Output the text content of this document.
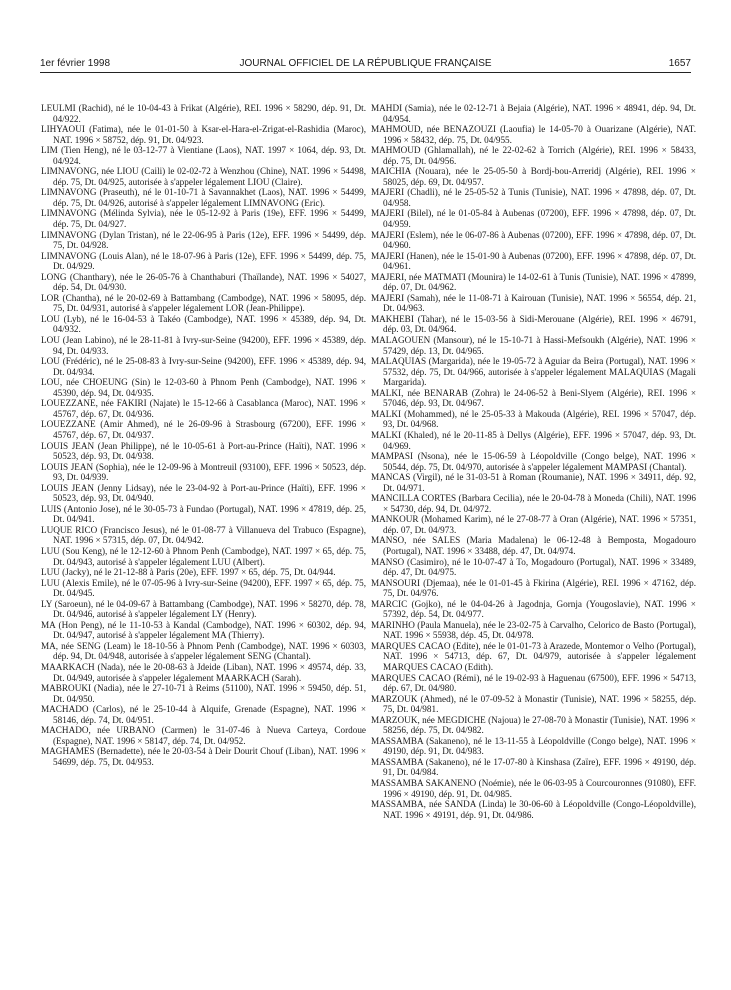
1er février 1998	JOURNAL OFFICIEL DE LA RÉPUBLIQUE FRANÇAISE	1657

LEULMI (Rachid), né le 10-04-43 à Frikat (Algérie), REI. 1996 × 58290, dép. 91, Dt. 04/922.

LIHYAOUI (Fatima), née le 01-01-50 à Ksar-el-Hara-el-Zrigat-el-Rashidia (Maroc), NAT. 1996 × 58752, dép. 91, Dt. 04/923.

LIM (Tien Heng), né le 03-12-77 à Vientiane (Laos), NAT. 1997 × 1064, dép. 93, Dt. 04/924.

LIMNAVONG, née LIOU (Caili) le 02-02-72 à Wenzhou (Chine), NAT. 1996 × 54498, dép. 75, Dt. 04/925, autorisée à s'appeler légalement LIOU (Claire).

LIMNAVONG (Praseuth), né le 01-10-71 à Savannakhet (Laos), NAT. 1996 × 54499, dép. 75, Dt. 04/926, autorisé à s'appeler légalement LIMNAVONG (Eric).

LIMNAVONG (Mélinda Sylvia), née le 05-12-92 à Paris (19e), EFF. 1996 × 54499, dép. 75, Dt. 04/927.

LIMNAVONG (Dylan Tristan), né le 22-06-95 à Paris (12e), EFF. 1996 × 54499, dép. 75, Dt. 04/928.

LIMNAVONG (Louis Alan), né le 18-07-96 à Paris (12e), EFF. 1996 × 54499, dép. 75, Dt. 04/929.

LONG (Chanthary), née le 26-05-76 à Chanthaburi (Thaïlande), NAT. 1996 × 54027, dép. 54, Dt. 04/930.

LOR (Chantha), né le 20-02-69 à Battambang (Cambodge), NAT. 1996 × 58095, dép. 75, Dt. 04/931, autorisé à s'appeler légalement LOR (Jean-Philippe).

LOU (Lyb), né le 16-04-53 à Takéo (Cambodge), NAT. 1996 × 45389, dép. 94, Dt. 04/932.

LOU (Jean Labino), né le 28-11-81 à Ivry-sur-Seine (94200), EFF. 1996 × 45389, dép. 94, Dt. 04/933.

LOU (Frédéric), né le 25-08-83 à Ivry-sur-Seine (94200), EFF. 1996 × 45389, dép. 94, Dt. 04/934.

LOU, née CHOEUNG (Sin) le 12-03-60 à Phnom Penh (Cambodge), NAT. 1996 × 45390, dép. 94, Dt. 04/935.

LOUEZZANE, née FAKIRI (Najate) le 15-12-66 à Casablanca (Maroc), NAT. 1996 × 45767, dép. 67, Dt. 04/936.

LOUEZZANE (Amir Ahmed), né le 26-09-96 à Strasbourg (67200), EFF. 1996 × 45767, dép. 67, Dt. 04/937.

LOUIS JEAN (Jean Philippe), né le 10-05-61 à Port-au-Prince (Haïti), NAT. 1996 × 50523, dép. 93, Dt. 04/938.

LOUIS JEAN (Sophia), née le 12-09-96 à Montreuil (93100), EFF. 1996 × 50523, dép. 93, Dt. 04/939.

LOUIS JEAN (Jenny Lidsay), née le 23-04-92 à Port-au-Prince (Haïti), EFF. 1996 × 50523, dép. 93, Dt. 04/940.

LUIS (Antonio Jose), né le 30-05-73 à Fundao (Portugal), NAT. 1996 × 47819, dép. 25, Dt. 04/941.

LUQUE RICO (Francisco Jesus), né le 01-08-77 à Villanueva del Trabuco (Espagne), NAT. 1996 × 57315, dép. 07, Dt. 04/942.

LUU (Sou Keng), né le 12-12-60 à Phnom Penh (Cambodge), NAT. 1997 × 65, dép. 75, Dt. 04/943, autorisé à s'appeler légalement LUU (Albert).

LUU (Jacky), né le 21-12-88 à Paris (20e), EFF. 1997 × 65, dép. 75, Dt. 04/944.

LUU (Alexis Emile), né le 07-05-96 à Ivry-sur-Seine (94200), EFF. 1997 × 65, dép. 75, Dt. 04/945.

LY (Saroeun), né le 04-09-67 à Battambang (Cambodge), NAT. 1996 × 58270, dép. 78, Dt. 04/946, autorisé à s'appeler légalement LY (Henry).

MA (Hon Peng), né le 11-10-53 à Kandal (Cambodge), NAT. 1996 × 60302, dép. 94, Dt. 04/947, autorisé à s'appeler légalement MA (Thierry).

MA, née SENG (Leam) le 18-10-56 à Phnom Penh (Cambodge), NAT. 1996 × 60303, dép. 94, Dt. 04/948, autorisée à s'appeler légalement SENG (Chantal).

MAARKACH (Nada), née le 20-08-63 à Jdeide (Liban), NAT. 1996 × 49574, dép. 33, Dt. 04/949, autorisée à s'appeler légalement MAARKACH (Sarah).

MABROUKI (Nadia), née le 27-10-71 à Reims (51100), NAT. 1996 × 59450, dép. 51, Dt. 04/950.

MACHADO (Carlos), né le 25-10-44 à Alquife, Grenade (Espagne), NAT. 1996 × 58146, dép. 74, Dt. 04/951.

MACHADO, née URBANO (Carmen) le 31-07-46 à Nueva Carteya, Cordoue (Espagne), NAT. 1996 × 58147, dép. 74, Dt. 04/952.

MAGHAMES (Bernadette), née le 20-03-54 à Deir Dourit Chouf (Liban), NAT. 1996 × 54699, dép. 75, Dt. 04/953.

MAHDI (Samia), née le 02-12-71 à Bejaia (Algérie), NAT. 1996 × 48941, dép. 94, Dt. 04/954.

MAHMOUD, née BENAZOUZI (Laoufia) le 14-05-70 à Ouarizane (Algérie), NAT. 1996 × 58432, dép. 75, Dt. 04/955.

MAHMOUD (Ghlamallah), né le 22-02-62 à Torrich (Algérie), REI. 1996 × 58433, dép. 75, Dt. 04/956.

MAICHIA (Nouara), née le 25-05-50 à Bordj-bou-Arreridj (Algérie), REI. 1996 × 58025, dép. 69, Dt. 04/957.

MAJERI (Chadli), né le 25-05-52 à Tunis (Tunisie), NAT. 1996 × 47898, dép. 07, Dt. 04/958.

MAJERI (Bilel), né le 01-05-84 à Aubenas (07200), EFF. 1996 × 47898, dép. 07, Dt. 04/959.

MAJERI (Eslem), née le 06-07-86 à Aubenas (07200), EFF. 1996 × 47898, dép. 07, Dt. 04/960.

MAJERI (Hanen), née le 15-01-90 à Aubenas (07200), EFF. 1996 × 47898, dép. 07, Dt. 04/961.

MAJERI, née MATMATI (Mounira) le 14-02-61 à Tunis (Tunisie), NAT. 1996 × 47899, dép. 07, Dt. 04/962.

MAJERI (Samah), née le 11-08-71 à Kairouan (Tunisie), NAT. 1996 × 56554, dép. 21, Dt. 04/963.

MAKHEBI (Tahar), né le 15-03-56 à Sidi-Merouane (Algérie), REI. 1996 × 46791, dép. 03, Dt. 04/964.

MALAGOUEN (Mansour), né le 15-10-71 à Hassi-Mefsoukh (Algérie), NAT. 1996 × 57429, dép. 13, Dt. 04/965.

MALAQUIAS (Margarida), née le 19-05-72 à Aguiar da Beira (Portugal), NAT. 1996 × 57532, dép. 75, Dt. 04/966, autorisée à s'appeler légalement MALAQUIAS (Magali Margarida).

MALKI, née BENARAB (Zohra) le 24-06-52 à Beni-Slyem (Algérie), REI. 1996 × 57046, dép. 93, Dt. 04/967.

MALKI (Mohammed), né le 25-05-33 à Makouda (Algérie), REI. 1996 × 57047, dép. 93, Dt. 04/968.

MALKI (Khaled), né le 20-11-85 à Dellys (Algérie), EFF. 1996 × 57047, dép. 93, Dt. 04/969.

MAMPASI (Nsona), née le 15-06-59 à Léopoldville (Congo belge), NAT. 1996 × 50544, dép. 75, Dt. 04/970, autorisée à s'appeler légalement MAMPASI (Chantal).

MANCAS (Virgil), né le 31-03-51 à Roman (Roumanie), NAT. 1996 × 34911, dép. 92, Dt. 04/971.

MANCILLA CORTES (Barbara Cecilia), née le 20-04-78 à Moneda (Chili), NAT. 1996 × 54730, dép. 94, Dt. 04/972.

MANKOUR (Mohamed Karim), né le 27-08-77 à Oran (Algérie), NAT. 1996 × 57351, dép. 07, Dt. 04/973.

MANSO, née SALES (Maria Madalena) le 06-12-48 à Bemposta, Mogadouro (Portugal), NAT. 1996 × 33488, dép. 47, Dt. 04/974.

MANSO (Casimiro), né le 10-07-47 à To, Mogadouro (Portugal), NAT. 1996 × 33489, dép. 47, Dt. 04/975.

MANSOURI (Djemaa), née le 01-01-45 à Fkirina (Algérie), REI. 1996 × 47162, dép. 75, Dt. 04/976.

MARCIC (Gojko), né le 04-04-26 à Jagodnja, Gornja (Yougoslavie), NAT. 1996 × 57392, dép. 54, Dt. 04/977.

MARINHO (Paula Manuela), née le 23-02-75 à Carvalho, Celorico de Basto (Portugal), NAT. 1996 × 55938, dép. 45, Dt. 04/978.

MARQUES CACAO (Edite), née le 01-01-73 à Arazede, Montemor o Velho (Portugal), NAT. 1996 × 54713, dép. 67, Dt. 04/979, autorisée à s'appeler légalement MARQUES CACAO (Edith).

MARQUES CACAO (Rémi), né le 19-02-93 à Haguenau (67500), EFF. 1996 × 54713, dép. 67, Dt. 04/980.

MARZOUK (Ahmed), né le 07-09-52 à Monastir (Tunisie), NAT. 1996 × 58255, dép. 75, Dt. 04/981.

MARZOUK, née MEGDICHE (Najoua) le 27-08-70 à Monastir (Tunisie), NAT. 1996 × 58256, dép. 75, Dt. 04/982.

MASSAMBA (Sakaneno), né le 13-11-55 à Léopoldville (Congo belge), NAT. 1996 × 49190, dép. 91, Dt. 04/983.

MASSAMBA (Sakaneno), né le 17-07-80 à Kinshasa (Zaïre), EFF. 1996 × 49190, dép. 91, Dt. 04/984.

MASSAMBA SAKANENO (Noémie), née le 06-03-95 à Courcouronnes (91080), EFF. 1996 × 49190, dép. 91, Dt. 04/985.

MASSAMBA, née SANDA (Linda) le 30-06-60 à Léopoldville (Congo-Léopoldville), NAT. 1996 × 49191, dép. 91, Dt. 04/986.
